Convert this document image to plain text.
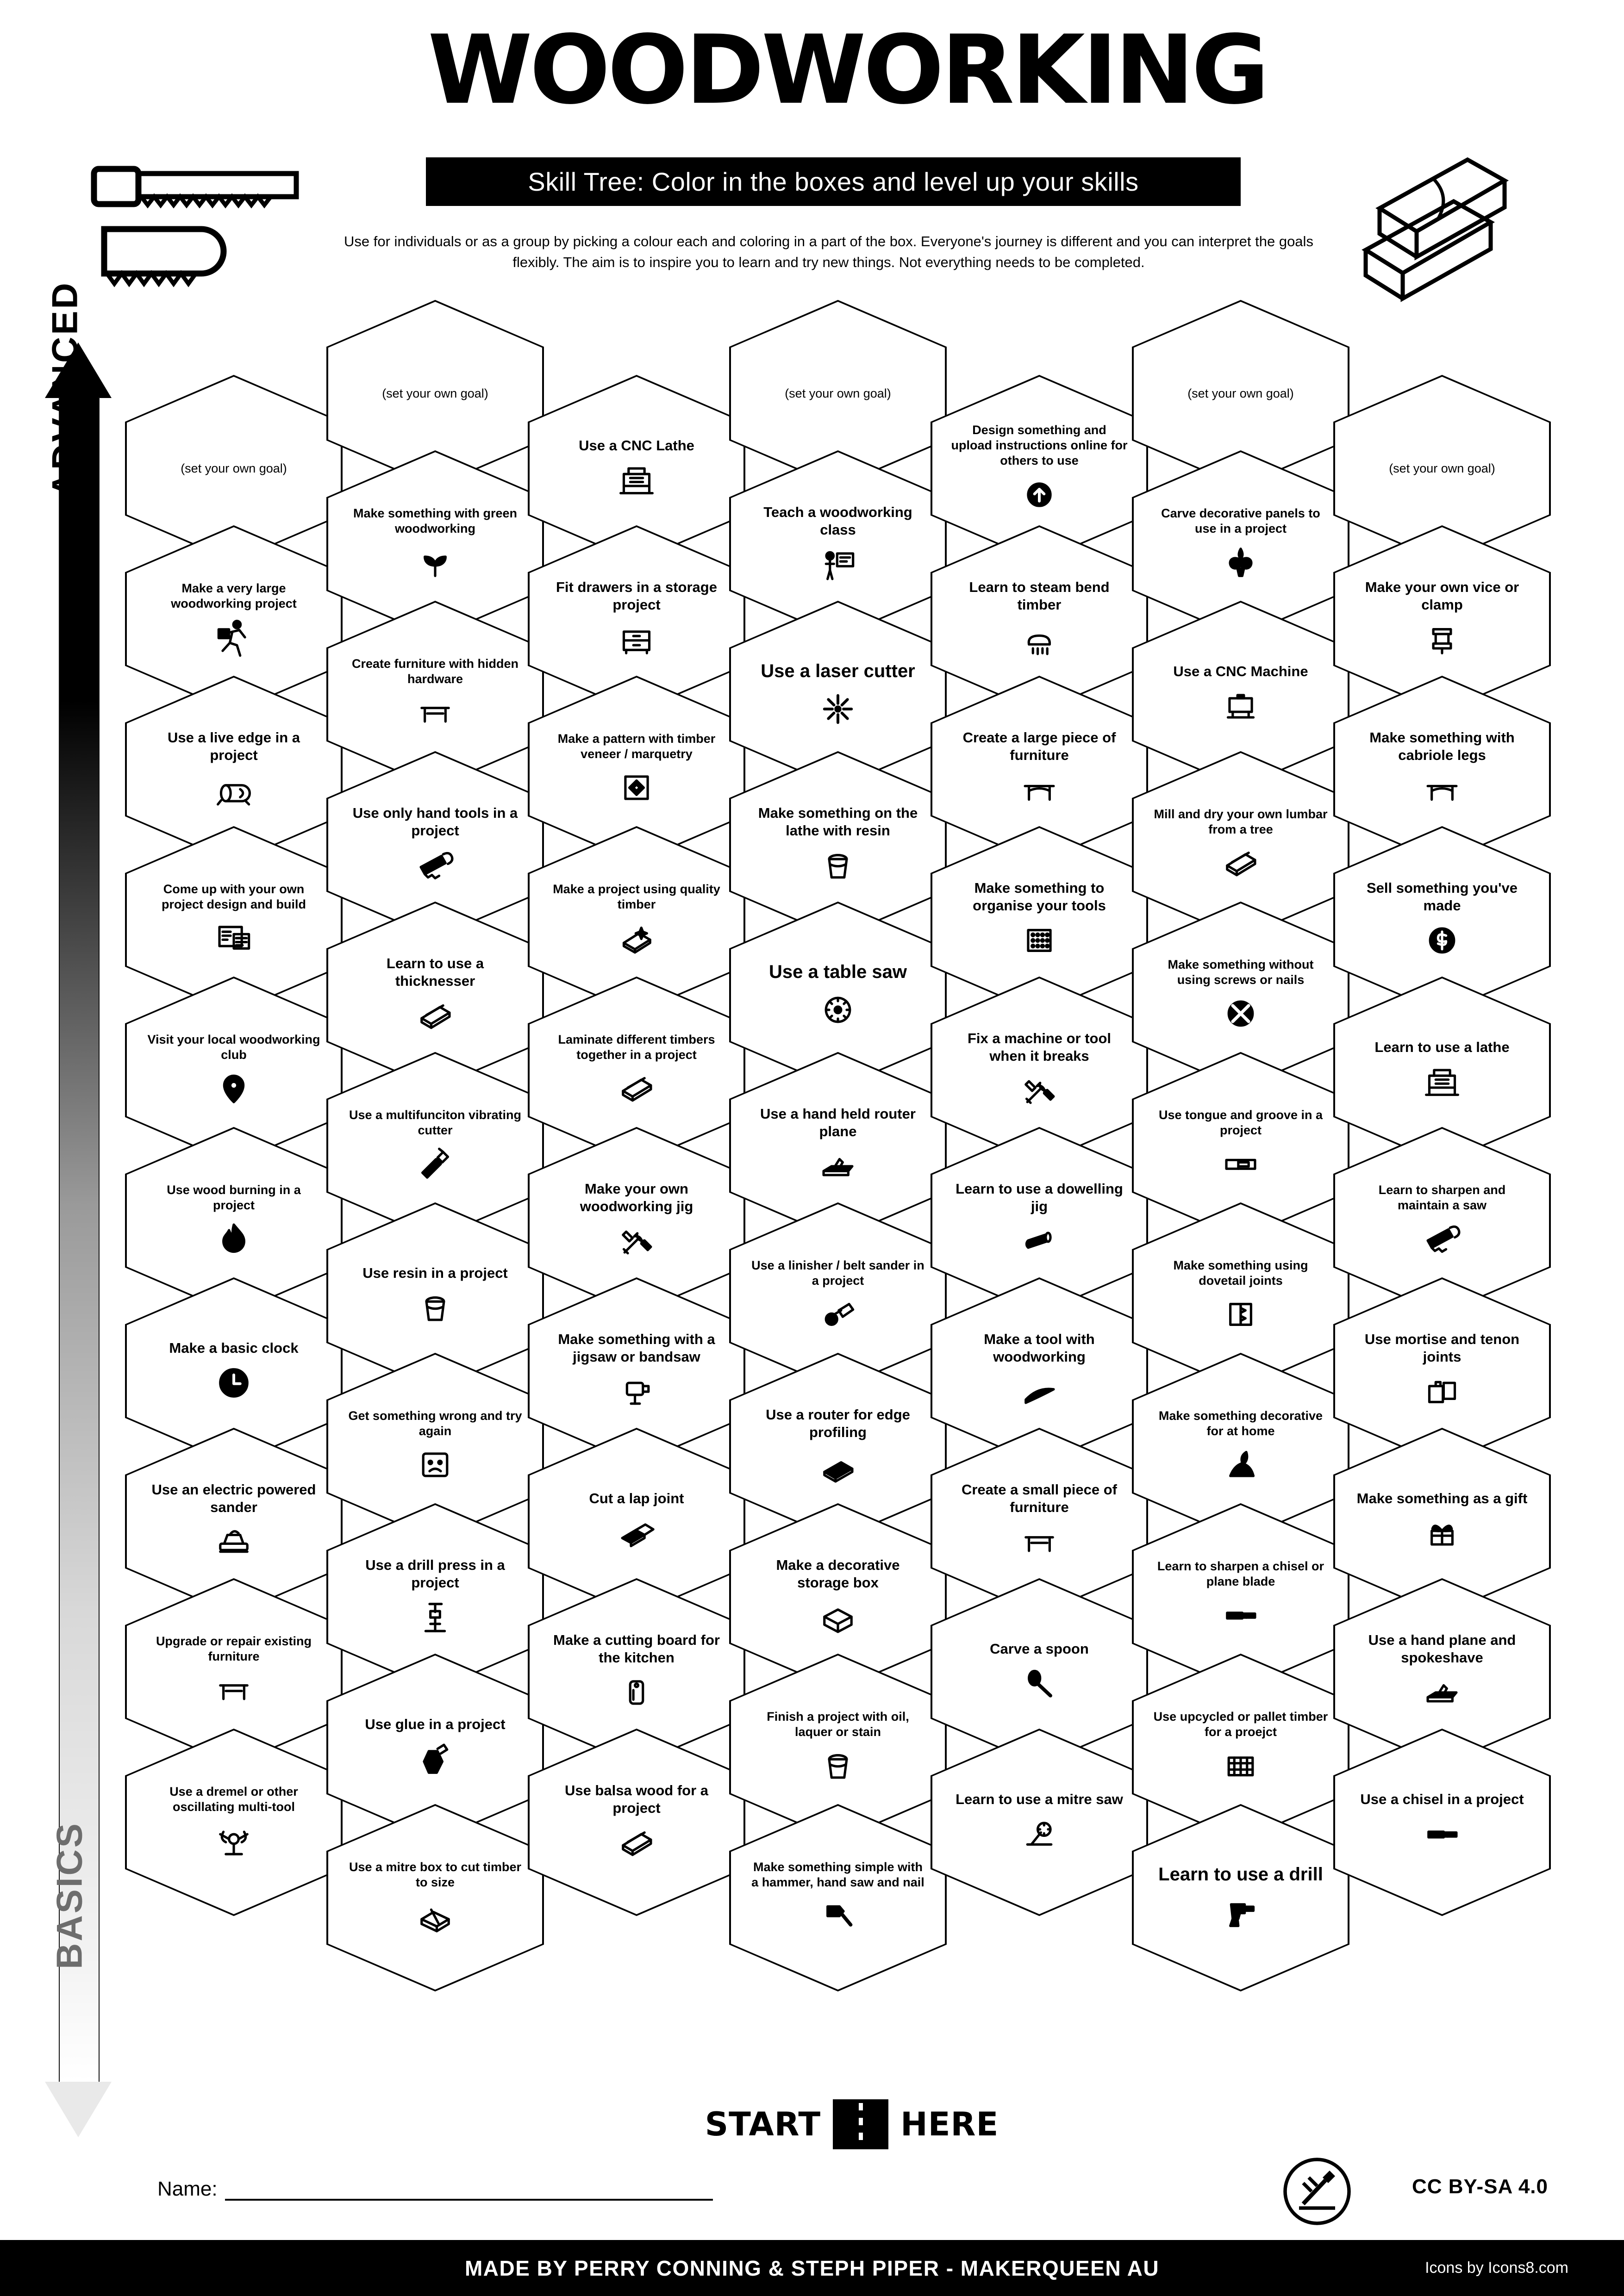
WOODWORKING
Skill Tree: Color in the boxes and level up your skills
Use for individuals or as a group by picking a colour each and coloring in a part of the box. Everyone's journey is different and you can interpret the goals flexibly. The aim is to inspire you to learn and try new things. Not everything needs to be completed.
ADVANCED
BASICS
(set your own goal)
Make a very large woodworking project
Use a live edge in a project
Come up with your own project design and build
Visit your local woodworking club
Use wood burning in a project
Make a basic clock
Use an electric powered sander
Upgrade or repair existing furniture
Use a dremel or other oscillating multi-tool
(set your own goal)
Make something with green woodworking
Create furniture with hidden hardware
Use only hand tools in a project
Learn to use a thicknesser
Use a multifunciton vibrating cutter
Use resin in a project
Get something wrong and try again
Use a drill press in a project
Use glue in a project
Use a mitre box to cut timber to size
Use a CNC Lathe
Fit drawers in a storage project
Make a pattern with timber veneer / marquetry
Make a project using quality timber
Laminate different timbers together in a project
Make your own woodworking jig
Make something with a jigsaw or bandsaw
Cut a lap joint
Make a cutting board for the kitchen
Use balsa wood for a project
(set your own goal)
Teach a woodworking class
Use a laser cutter
Make something on the lathe with resin
Use a table saw
Use a hand held router plane
Use a linisher / belt sander in a project
Use a router for edge profiling
Make a decorative storage box
Finish a project with oil, laquer or stain
Make something simple with a hammer, hand saw and nail
Design something and upload instructions online for others to use
Learn to steam bend timber
Create a large piece of furniture
Make something to organise your tools
Fix a machine or tool when it breaks
Learn to use a dowelling jig
Make a tool with woodworking
Create a small piece of furniture
Carve a spoon
Learn to use a mitre saw
(set your own goal)
Carve decorative panels to use in a project
Use a CNC Machine
Mill and dry your own lumbar from a tree
Make something without using screws or nails
Use tongue and groove in a project
Make something using dovetail joints
Make something decorative for at home
Learn to sharpen a chisel or plane blade
Use upcycled or pallet timber for a proejct
Learn to use a drill
(set your own goal)
Make your own vice or clamp
Make something with cabriole legs
Sell something you've made
Learn to use a lathe
Learn to sharpen and maintain a saw
Use mortise and tenon joints
Make something as a gift
Use a hand plane and spokeshave
Use a chisel in a project
START HERE
Name:	CC BY-SA 4.0
MADE BY PERRY CONNING & STEPH PIPER - MAKERQUEEN AU	Icons by Icons8.com
